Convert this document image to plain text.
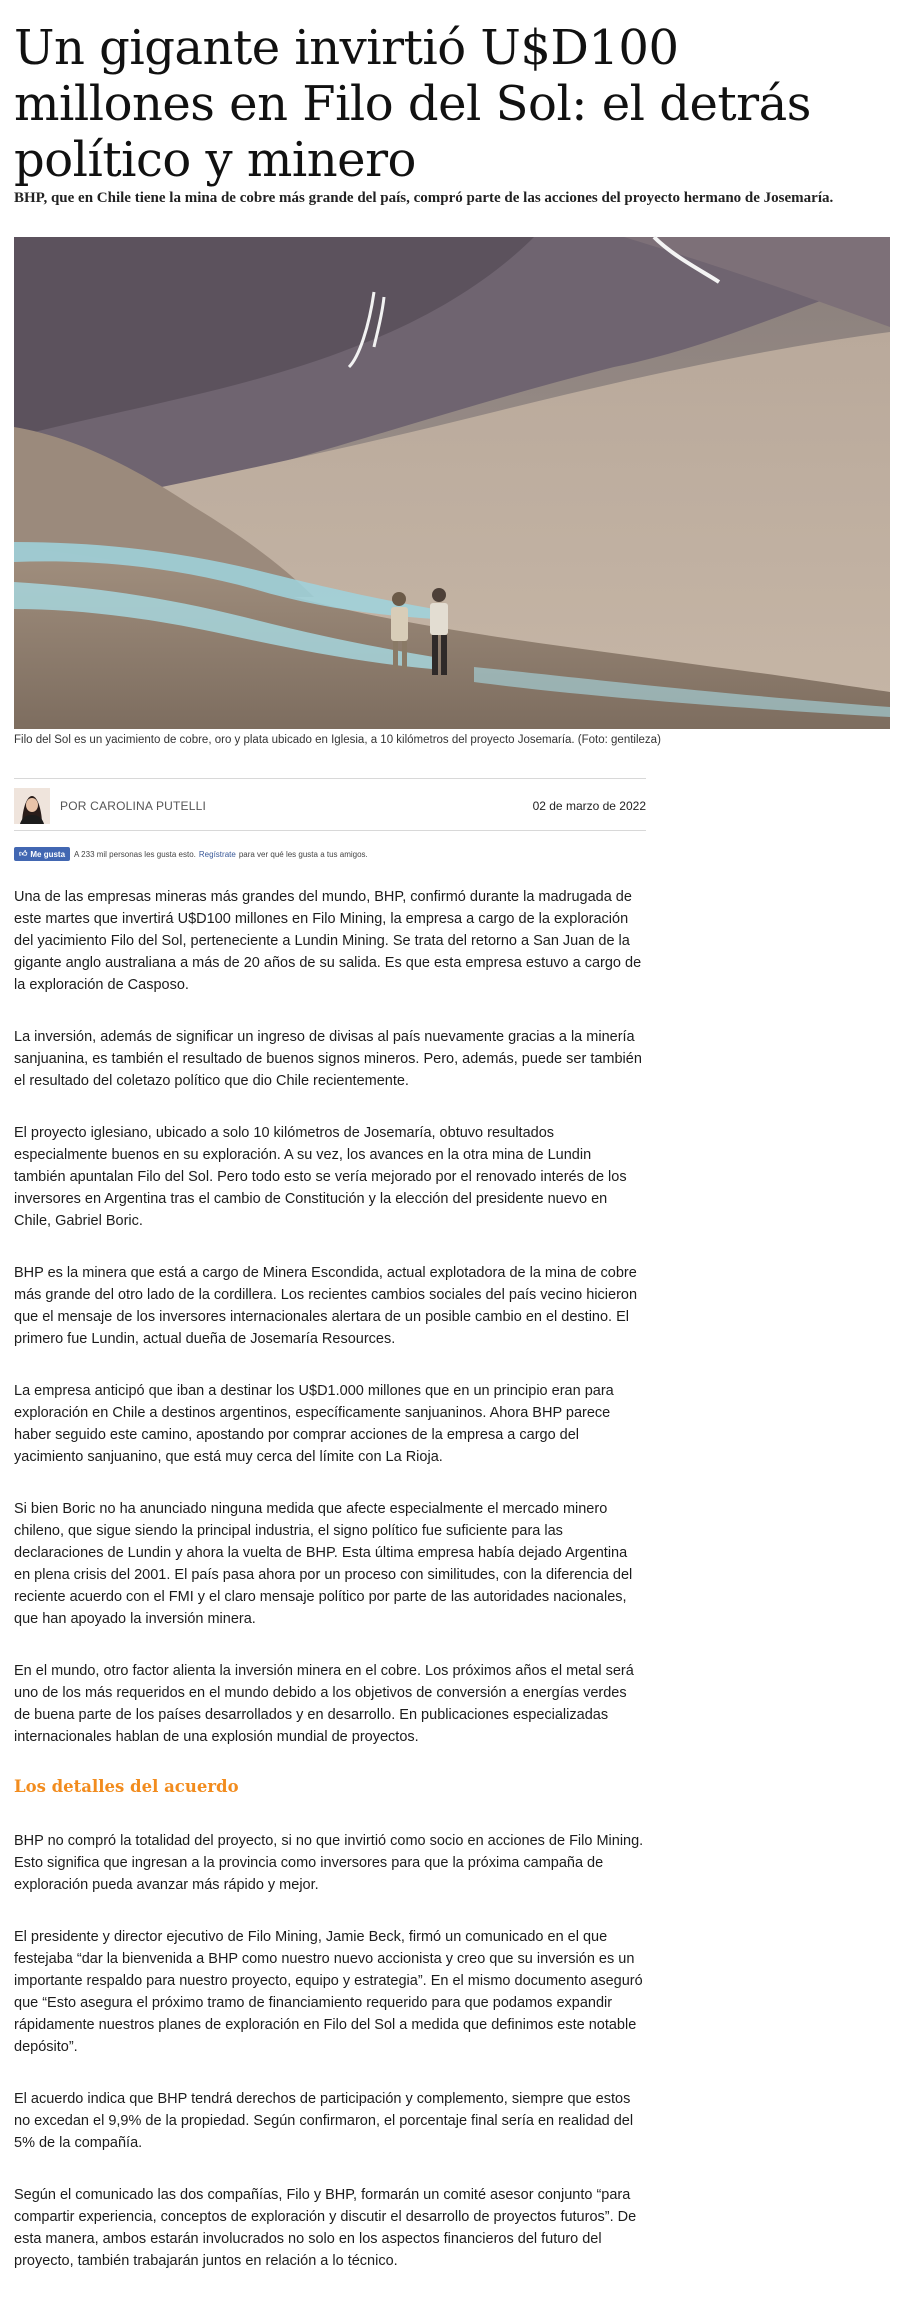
Un gigante invirtió U$D100 millones en Filo del Sol: el detrás político y minero

BHP, que en Chile tiene la mina de cobre más grande del país, compró parte de las acciones del proyecto hermano de Josemaría.

Filo del Sol es un yacimiento de cobre, oro y plata ubicado en Iglesia, a 10 kilómetros del proyecto Josemaría. (Foto: gentileza)

POR CAROLINA PUTELLI	02 de marzo de 2022
👍︎ Me gusta A 233 mil personas les gusta esto. Regístrate para ver qué les gusta a tus amigos.

Una de las empresas mineras más grandes del mundo, BHP, confirmó durante la madrugada de este martes que invertirá U$D100 millones en Filo Mining, la empresa a cargo de la exploración del yacimiento Filo del Sol, perteneciente a Lundin Mining. Se trata del retorno a San Juan de la gigante anglo australiana a más de 20 años de su salida. Es que esta empresa estuvo a cargo de la exploración de Casposo.

La inversión, además de significar un ingreso de divisas al país nuevamente gracias a la minería sanjuanina, es también el resultado de buenos signos mineros. Pero, además, puede ser también el resultado del coletazo político que dio Chile recientemente.

El proyecto iglesiano, ubicado a solo 10 kilómetros de Josemaría, obtuvo resultados especialmente buenos en su exploración. A su vez, los avances en la otra mina de Lundin también apuntalan Filo del Sol. Pero todo esto se vería mejorado por el renovado interés de los inversores en Argentina tras el cambio de Constitución y la elección del presidente nuevo en Chile, Gabriel Boric.

BHP es la minera que está a cargo de Minera Escondida, actual explotadora de la mina de cobre más grande del otro lado de la cordillera. Los recientes cambios sociales del país vecino hicieron que el mensaje de los inversores internacionales alertara de un posible cambio en el destino. El primero fue Lundin, actual dueña de Josemaría Resources.

La empresa anticipó que iban a destinar los U$D1.000 millones que en un principio eran para exploración en Chile a destinos argentinos, específicamente sanjuaninos. Ahora BHP parece haber seguido este camino, apostando por comprar acciones de la empresa a cargo del yacimiento sanjuanino, que está muy cerca del límite con La Rioja.

Si bien Boric no ha anunciado ninguna medida que afecte especialmente el mercado minero chileno, que sigue siendo la principal industria, el signo político fue suficiente para las declaraciones de Lundin y ahora la vuelta de BHP. Esta última empresa había dejado Argentina en plena crisis del 2001. El país pasa ahora por un proceso con similitudes, con la diferencia del reciente acuerdo con el FMI y el claro mensaje político por parte de las autoridades nacionales, que han apoyado la inversión minera.

En el mundo, otro factor alienta la inversión minera en el cobre. Los próximos años el metal será uno de los más requeridos en el mundo debido a los objetivos de conversión a energías verdes de buena parte de los países desarrollados y en desarrollo. En publicaciones especializadas internacionales hablan de una explosión mundial de proyectos.

Los detalles del acuerdo

BHP no compró la totalidad del proyecto, si no que invirtió como socio en acciones de Filo Mining. Esto significa que ingresan a la provincia como inversores para que la próxima campaña de exploración pueda avanzar más rápido y mejor.

El presidente y director ejecutivo de Filo Mining, Jamie Beck, firmó un comunicado en el que festejaba “dar la bienvenida a BHP como nuestro nuevo accionista y creo que su inversión es un importante respaldo para nuestro proyecto, equipo y estrategia”. En el mismo documento aseguró que “Esto asegura el próximo tramo de financiamiento requerido para que podamos expandir rápidamente nuestros planes de exploración en Filo del Sol a medida que definimos este notable depósito”.

El acuerdo indica que BHP tendrá derechos de participación y complemento, siempre que estos no excedan el 9,9% de la propiedad. Según confirmaron, el porcentaje final sería en realidad del 5% de la compañía.

Según el comunicado las dos compañías, Filo y BHP, formarán un comité asesor conjunto “para compartir experiencia, conceptos de exploración y discutir el desarrollo de proyectos futuros”. De esta manera, ambos estarán involucrados no solo en los aspectos financieros del futuro del proyecto, también trabajarán juntos en relación a lo técnico.
